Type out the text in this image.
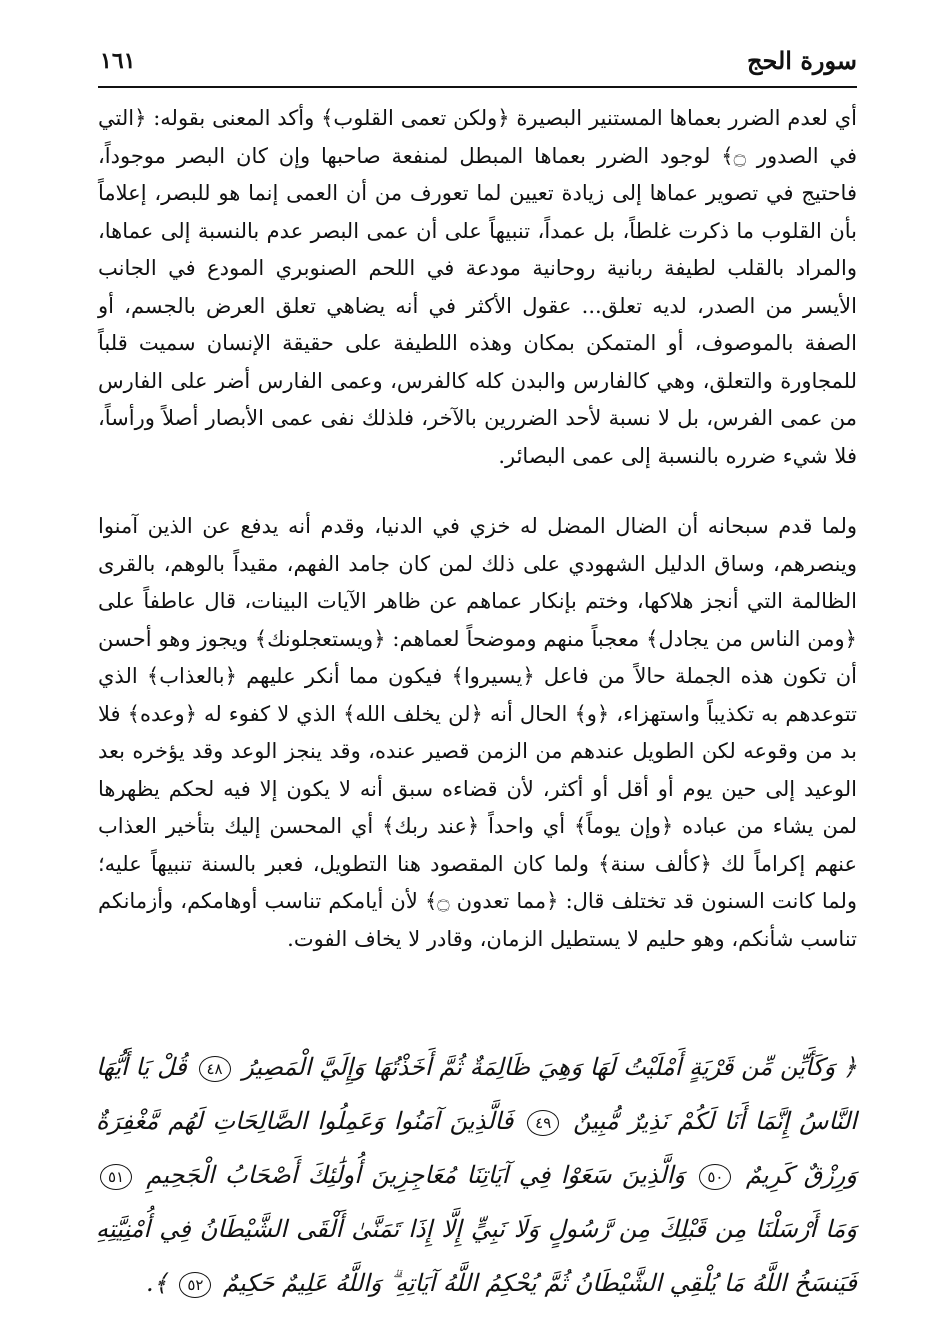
سورة الحج
١٦١

أي لعدم الضرر بعماها المستنير البصيرة ﴿ولكن تعمى القلوب﴾ وأكد المعنى بقوله: ﴿التي في الصدور ۝﴾ لوجود الضرر بعماها المبطل لمنفعة صاحبها وإن كان البصر موجوداً، فاحتيج في تصوير عماها إلى زيادة تعيين لما تعورف من أن العمى إنما هو للبصر، إعلاماً بأن القلوب ما ذكرت غلطاً، بل عمداً، تنبيهاً على أن عمى البصر عدم بالنسبة إلى عماها، والمراد بالقلب لطيفة ربانية روحانية مودعة في اللحم الصنوبري المودع في الجانب الأيسر من الصدر، لديه تعلق... عقول الأكثر في أنه يضاهي تعلق العرض بالجسم، أو الصفة بالموصوف، أو المتمكن بمكان وهذه اللطيفة على حقيقة الإنسان سميت قلباً للمجاورة والتعلق، وهي كالفارس والبدن كله كالفرس، وعمى الفارس أضر على الفارس من عمى الفرس، بل لا نسبة لأحد الضررين بالآخر، فلذلك نفى عمى الأبصار أصلاً ورأساً، فلا شيء ضرره بالنسبة إلى عمى البصائر.

ولما قدم سبحانه أن الضال المضل له خزي في الدنيا، وقدم أنه يدفع عن الذين آمنوا وينصرهم، وساق الدليل الشهودي على ذلك لمن كان جامد الفهم، مقيداً بالوهم، بالقرى الظالمة التي أنجز هلاكها، وختم بإنكار عماهم عن ظاهر الآيات البينات، قال عاطفاً على ﴿ومن الناس من يجادل﴾ معجباً منهم وموضحاً لعماهم: ﴿ويستعجلونك﴾ ويجوز وهو أحسن أن تكون هذه الجملة حالاً من فاعل ﴿يسيروا﴾ فيكون مما أنكر عليهم ﴿بالعذاب﴾ الذي تتوعدهم به تكذيباً واستهزاء، ﴿و﴾ الحال أنه ﴿لن يخلف الله﴾ الذي لا كفوء له ﴿وعده﴾ فلا بد من وقوعه لكن الطويل عندهم من الزمن قصير عنده، وقد ينجز الوعد وقد يؤخره بعد الوعيد إلى حين يوم أو أقل أو أكثر، لأن قضاءه سبق أنه لا يكون إلا فيه لحكم يظهرها لمن يشاء من عباده ﴿وإن يوماً﴾ أي واحداً ﴿عند ربك﴾ أي المحسن إليك بتأخير العذاب عنهم إكراماً لك ﴿كألف سنة﴾ ولما كان المقصود هنا التطويل، فعبر بالسنة تنبيهاً عليه؛ ولما كانت السنون قد تختلف قال: ﴿مما تعدون ۝﴾ لأن أيامكم تناسب أوهامكم، وأزمانكم تناسب شأنكم، وهو حليم لا يستطيل الزمان، وقادر لا يخاف الفوت.

﴿ وَكَأَيِّن مِّن قَرْيَةٍ أَمْلَيْتُ لَهَا وَهِيَ ظَالِمَةٌ ثُمَّ أَخَذْتُهَا وَإِلَيَّ الْمَصِيرُ ٤٨ قُلْ يَا أَيُّهَا النَّاسُ إِنَّمَا أَنَا لَكُمْ نَذِيرٌ مُّبِينٌ ٤٩ فَالَّذِينَ آمَنُوا وَعَمِلُوا الصَّالِحَاتِ لَهُم مَّغْفِرَةٌ وَرِزْقٌ كَرِيمٌ ٥٠ وَالَّذِينَ سَعَوْا فِي آيَاتِنَا مُعَاجِزِينَ أُولَٰئِكَ أَصْحَابُ الْجَحِيمِ ٥١ وَمَا أَرْسَلْنَا مِن قَبْلِكَ مِن رَّسُولٍ وَلَا نَبِيٍّ إِلَّا إِذَا تَمَنَّىٰ أَلْقَى الشَّيْطَانُ فِي أُمْنِيَّتِهِ فَيَنسَخُ اللَّهُ مَا يُلْقِي الشَّيْطَانُ ثُمَّ يُحْكِمُ اللَّهُ آيَاتِهِ ۗ وَاللَّهُ عَلِيمٌ حَكِيمٌ ٥٢ ﴾.
